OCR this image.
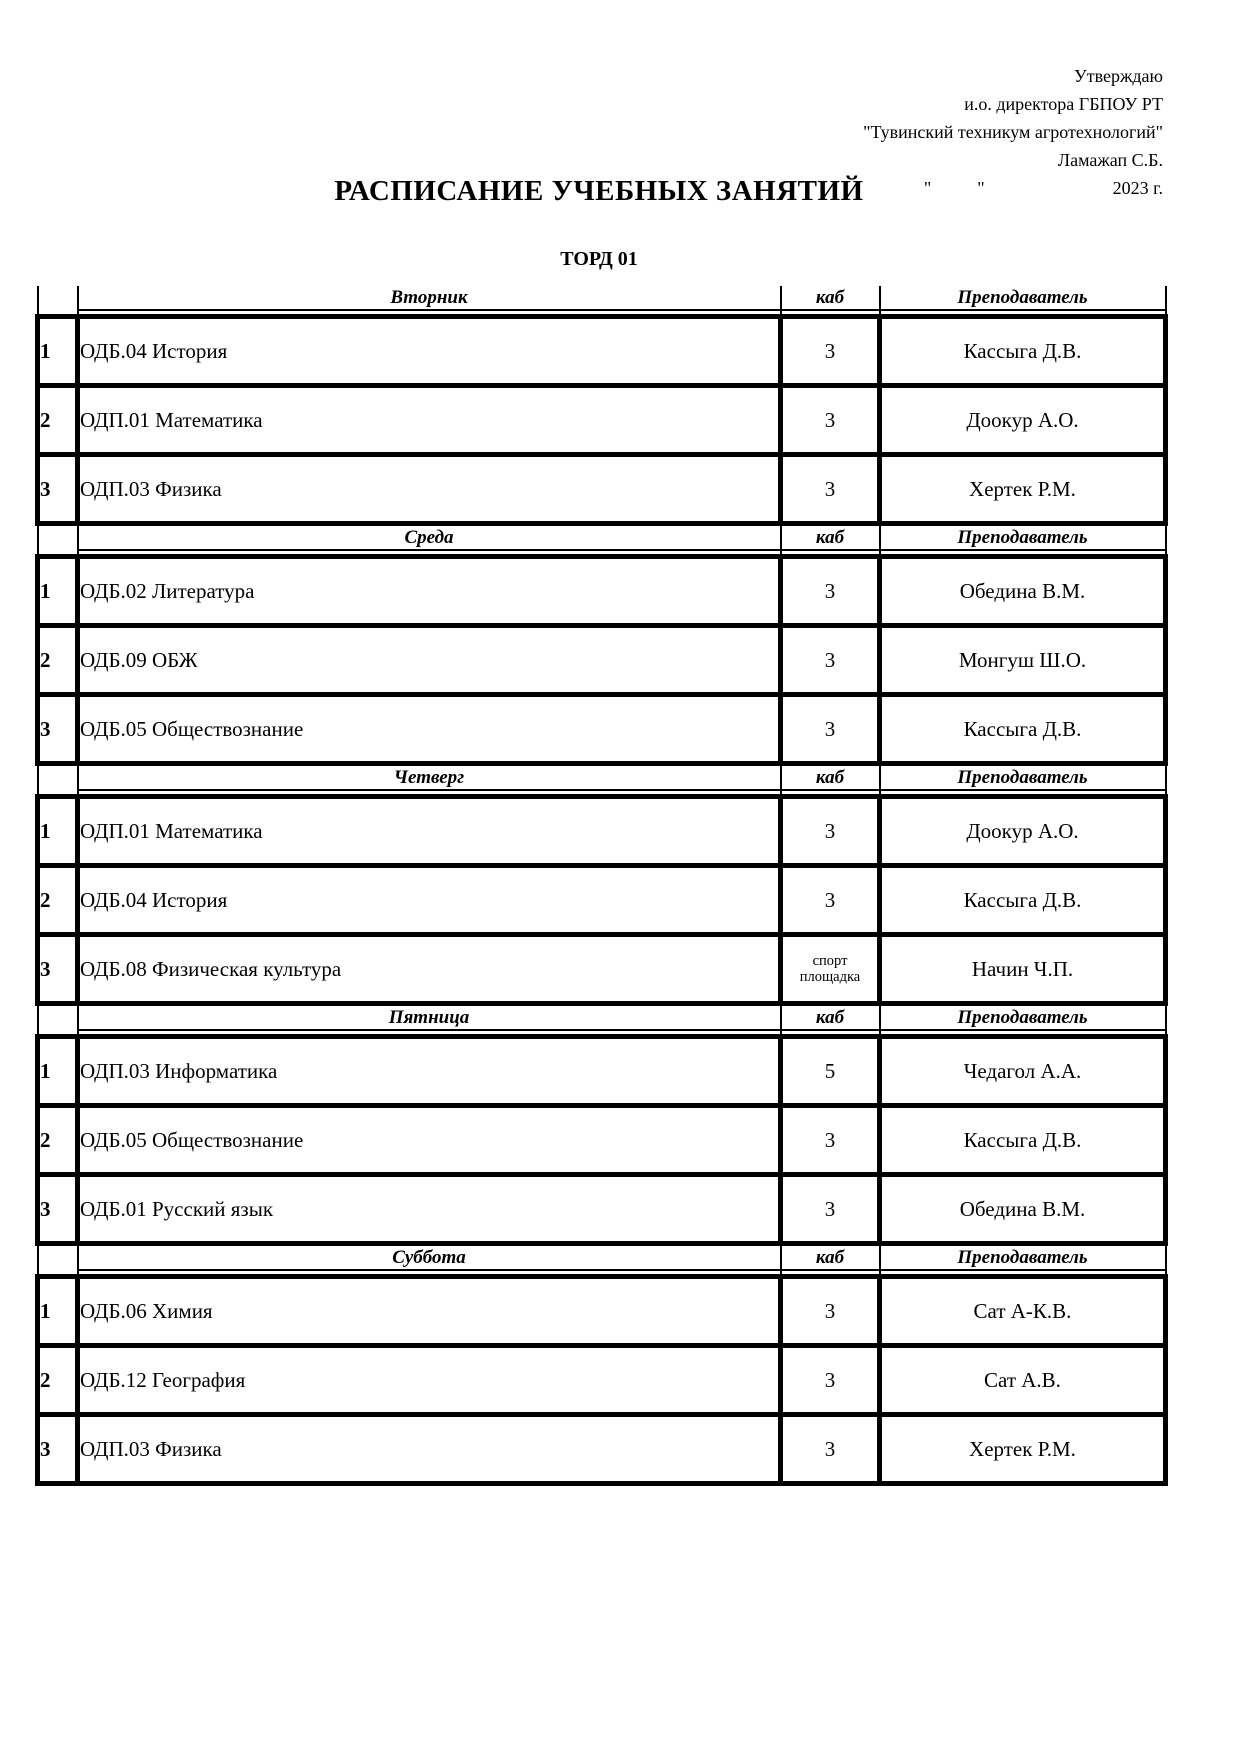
Утверждаю
и.о. директора ГБПОУ РТ
"Тувинский техникум агротехнологий"
Ламажап С.Б.
"	"	2023 г.
РАСПИСАНИЕ УЧЕБНЫХ ЗАНЯТИЙ
ТОРД 01

	Вторник	каб	Преподаватель

1	ОДБ.04 История	3	Кассыга Д.В.
2	ОДП.01 Математика	3	Доокур А.О.
3	ОДП.03 Физика	3	Хертек Р.М.

	Среда	каб	Преподаватель

1	ОДБ.02 Литература	3	Обедина В.М.
2	ОДБ.09 ОБЖ	3	Монгуш Ш.О.
3	ОДБ.05 Обществознание	3	Кассыга Д.В.

	Четверг	каб	Преподаватель

1	ОДП.01 Математика	3	Доокур А.О.
2	ОДБ.04 История	3	Кассыга Д.В.
3	ОДБ.08 Физическая культура	спорт площадка	Начин Ч.П.

	Пятница	каб	Преподаватель

1	ОДП.03 Информатика	5	Чедагол А.А.
2	ОДБ.05 Обществознание	3	Кассыга Д.В.
3	ОДБ.01 Русский язык	3	Обедина В.М.

	Суббота	каб	Преподаватель

1	ОДБ.06 Химия	3	Сат А-К.В.
2	ОДБ.12 География	3	Сат А.В.
3	ОДП.03 Физика	3	Хертек Р.М.
